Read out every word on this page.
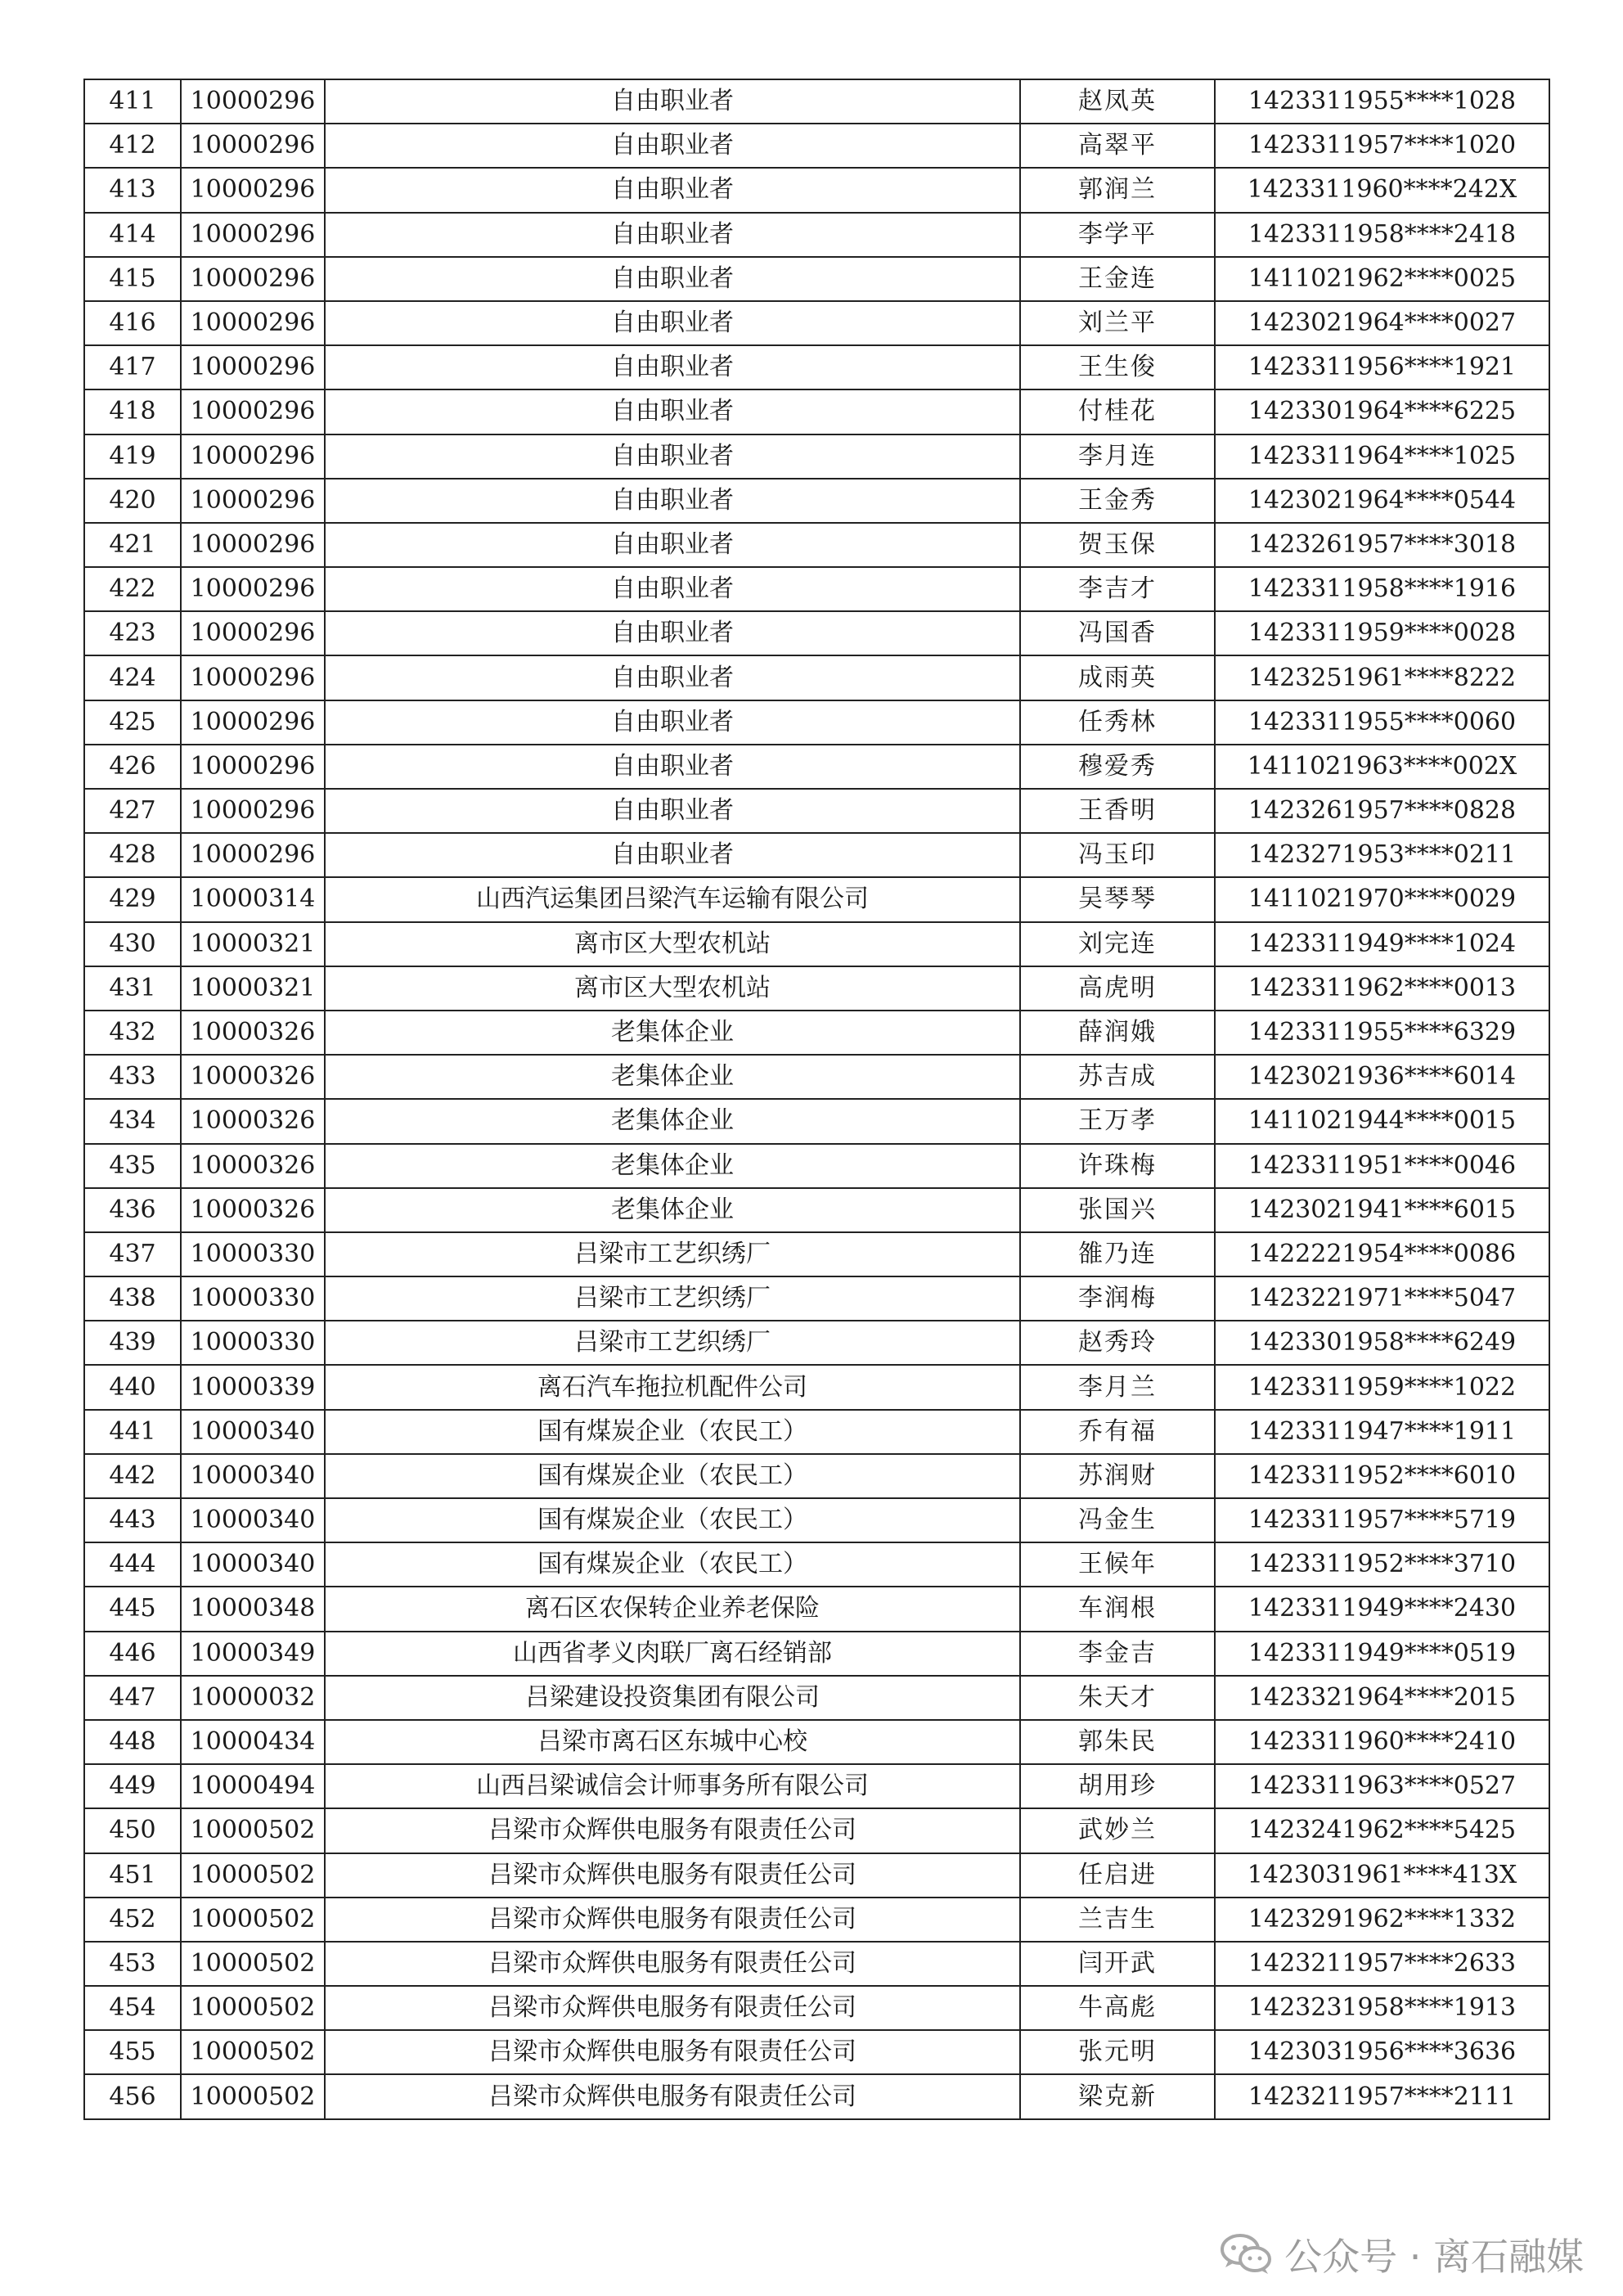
411	10000296	自由职业者	赵凤英	1423311955****1028
412	10000296	自由职业者	高翠平	1423311957****1020
413	10000296	自由职业者	郭润兰	1423311960****242X
414	10000296	自由职业者	李学平	1423311958****2418
415	10000296	自由职业者	王金连	1411021962****0025
416	10000296	自由职业者	刘兰平	1423021964****0027
417	10000296	自由职业者	王生俊	1423311956****1921
418	10000296	自由职业者	付桂花	1423301964****6225
419	10000296	自由职业者	李月连	1423311964****1025
420	10000296	自由职业者	王金秀	1423021964****0544
421	10000296	自由职业者	贺玉保	1423261957****3018
422	10000296	自由职业者	李吉才	1423311958****1916
423	10000296	自由职业者	冯国香	1423311959****0028
424	10000296	自由职业者	成雨英	1423251961****8222
425	10000296	自由职业者	任秀林	1423311955****0060
426	10000296	自由职业者	穆爱秀	1411021963****002X
427	10000296	自由职业者	王香明	1423261957****0828
428	10000296	自由职业者	冯玉印	1423271953****0211
429	10000314	山西汽运集团吕梁汽车运输有限公司	吴琴琴	1411021970****0029
430	10000321	离市区大型农机站	刘完连	1423311949****1024
431	10000321	离市区大型农机站	高虎明	1423311962****0013
432	10000326	老集体企业	薛润娥	1423311955****6329
433	10000326	老集体企业	苏吉成	1423021936****6014
434	10000326	老集体企业	王万孝	1411021944****0015
435	10000326	老集体企业	许珠梅	1423311951****0046
436	10000326	老集体企业	张国兴	1423021941****6015
437	10000330	吕梁市工艺织绣厂	雒乃连	1422221954****0086
438	10000330	吕梁市工艺织绣厂	李润梅	1423221971****5047
439	10000330	吕梁市工艺织绣厂	赵秀玲	1423301958****6249
440	10000339	离石汽车拖拉机配件公司	李月兰	1423311959****1022
441	10000340	国有煤炭企业（农民工）	乔有福	1423311947****1911
442	10000340	国有煤炭企业（农民工）	苏润财	1423311952****6010
443	10000340	国有煤炭企业（农民工）	冯金生	1423311957****5719
444	10000340	国有煤炭企业（农民工）	王候年	1423311952****3710
445	10000348	离石区农保转企业养老保险	车润根	1423311949****2430
446	10000349	山西省孝义肉联厂离石经销部	李金吉	1423311949****0519
447	10000032	吕梁建设投资集团有限公司	朱天才	1423321964****2015
448	10000434	吕梁市离石区东城中心校	郭朱民	1423311960****2410
449	10000494	山西吕梁诚信会计师事务所有限公司	胡用珍	1423311963****0527
450	10000502	吕梁市众辉供电服务有限责任公司	武妙兰	1423241962****5425
451	10000502	吕梁市众辉供电服务有限责任公司	任启进	1423031961****413X
452	10000502	吕梁市众辉供电服务有限责任公司	兰吉生	1423291962****1332
453	10000502	吕梁市众辉供电服务有限责任公司	闫开武	1423211957****2633
454	10000502	吕梁市众辉供电服务有限责任公司	牛高彪	1423231958****1913
455	10000502	吕梁市众辉供电服务有限责任公司	张元明	1423031956****3636
456	10000502	吕梁市众辉供电服务有限责任公司	梁克新	1423211957****2111
公众号 · 离石融媒
